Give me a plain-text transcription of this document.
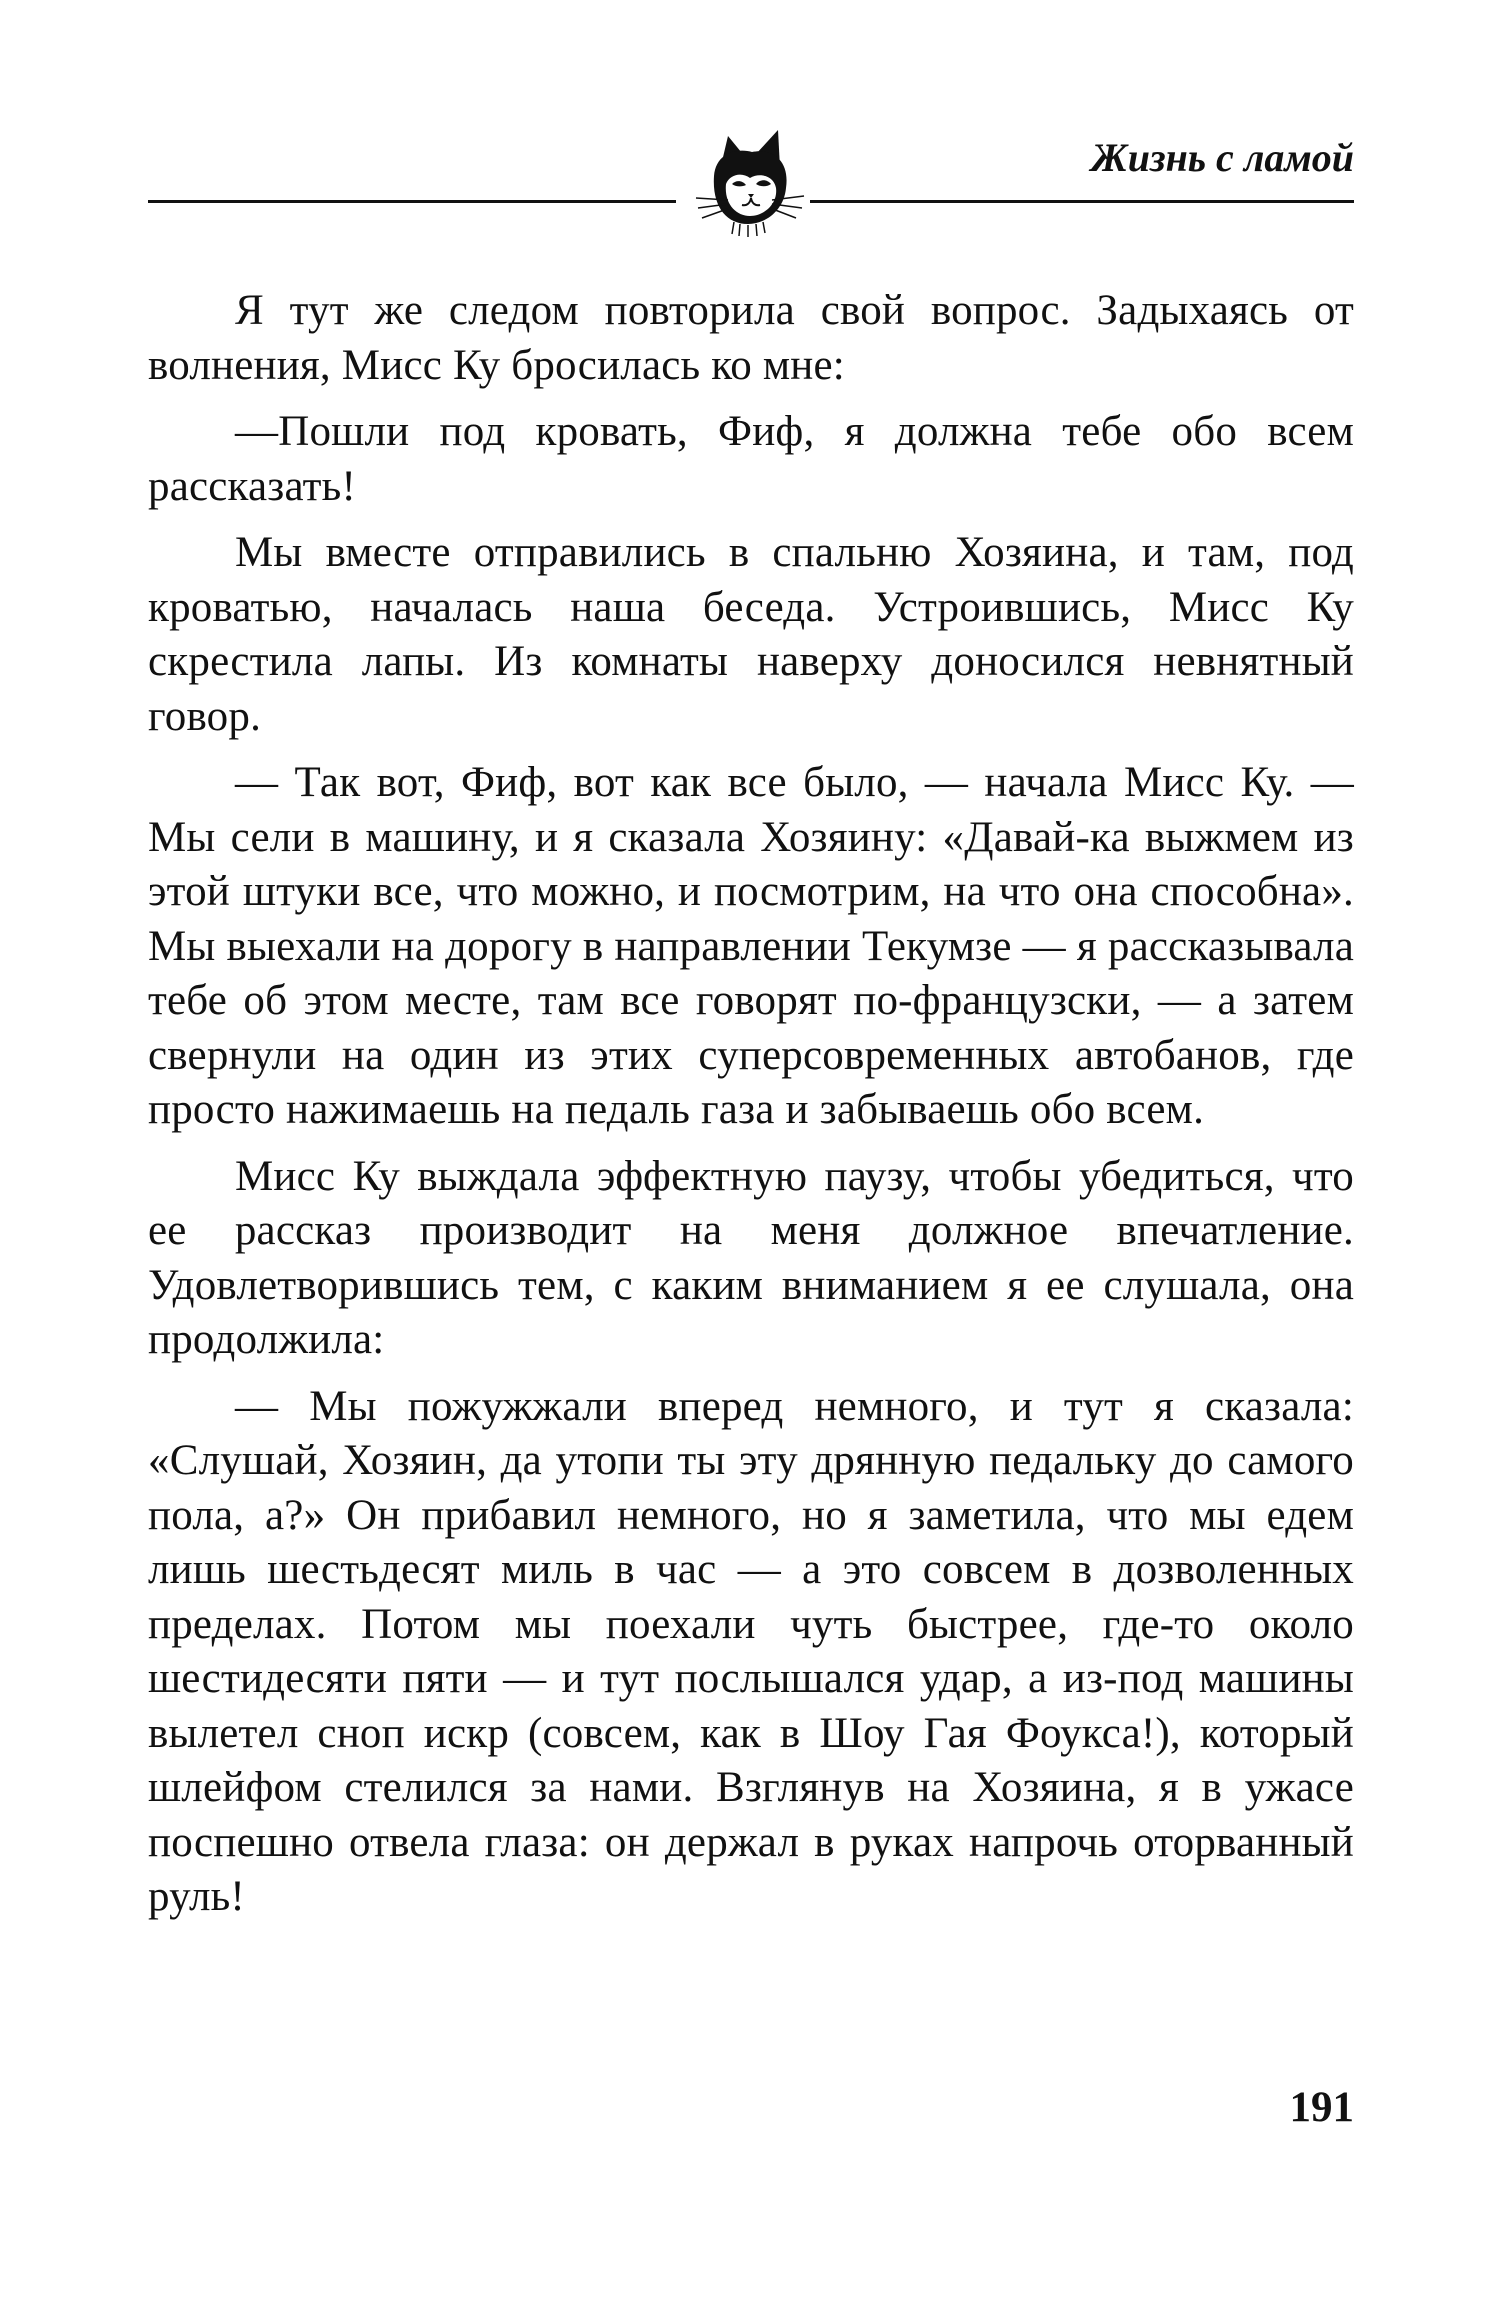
Жизнь с ламой

Я тут же следом повторила свой вопрос. Задыхаясь от волнения, Мисс Ку бросилась ко мне:

—Пошли под кровать, Фиф, я должна тебе обо всем рассказать!

Мы вместе отправились в спальню Хозяина, и там, под кроватью, началась наша беседа. Устроившись, Мисс Ку скрестила лапы. Из комнаты наверху доносился невнятный говор.

— Так вот, Фиф, вот как все было, — начала Мисс Ку. — Мы сели в машину, и я сказала Хозяину: «Давай-ка выжмем из этой штуки все, что можно, и посмотрим, на что она способна». Мы выехали на дорогу в направлении Текумзе — я рассказывала тебе об этом месте, там все говорят по-французски, — а затем свернули на один из этих суперсовременных автобанов, где просто нажимаешь на педаль газа и забываешь обо всем.

Мисс Ку выждала эффектную паузу, чтобы убедиться, что ее рассказ производит на меня должное впечатление. Удовлетворившись тем, с каким вниманием я ее слушала, она продолжила:

— Мы пожужжали вперед немного, и тут я сказала: «Слушай, Хозяин, да утопи ты эту дрянную педальку до самого пола, а?» Он прибавил немного, но я заметила, что мы едем лишь шестьдесят миль в час — а это совсем в дозволенных пределах. Потом мы поехали чуть быстрее, где-то около шестидесяти пяти — и тут послышался удар, а из-под машины вылетел сноп искр (совсем, как в Шоу Гая Фоукса!), который шлейфом стелился за нами. Взглянув на Хозяина, я в ужасе поспешно отвела глаза: он держал в руках напрочь оторванный руль!

191
